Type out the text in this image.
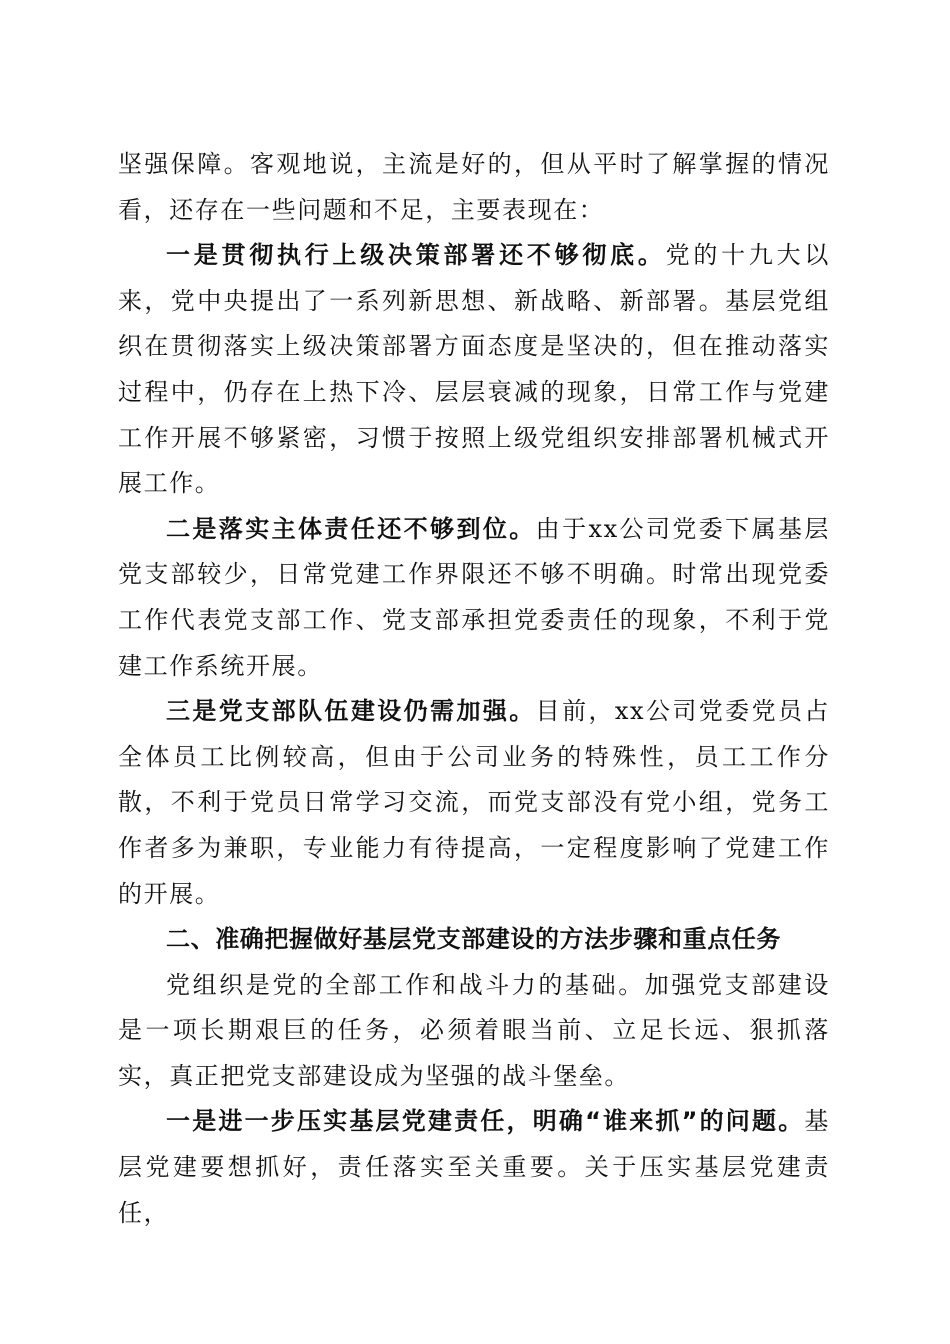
坚强保障。客观地说，主流是好的，但从平时了解掌握的情况看，还存在一些问题和不足，主要表现在：

一是贯彻执行上级决策部署还不够彻底。党的十九大以来，党中央提出了一系列新思想、新战略、新部署。基层党组织在贯彻落实上级决策部署方面态度是坚决的，但在推动落实过程中，仍存在上热下冷、层层衰减的现象，日常工作与党建工作开展不够紧密，习惯于按照上级党组织安排部署机械式开展工作。

二是落实主体责任还不够到位。由于xx公司党委下属基层党支部较少，日常党建工作界限还不够不明确。时常出现党委工作代表党支部工作、党支部承担党委责任的现象，不利于党建工作系统开展。

三是党支部队伍建设仍需加强。目前，xx公司党委党员占全体员工比例较高，但由于公司业务的特殊性，员工工作分散，不利于党员日常学习交流，而党支部没有党小组，党务工作者多为兼职，专业能力有待提高，一定程度影响了党建工作的开展。

二、准确把握做好基层党支部建设的方法步骤和重点任务

党组织是党的全部工作和战斗力的基础。加强党支部建设是一项长期艰巨的任务，必须着眼当前、立足长远、狠抓落实，真正把党支部建设成为坚强的战斗堡垒。

一是进一步压实基层党建责任，明确“谁来抓”的问题。基层党建要想抓好，责任落实至关重要。关于压实基层党建责任，
